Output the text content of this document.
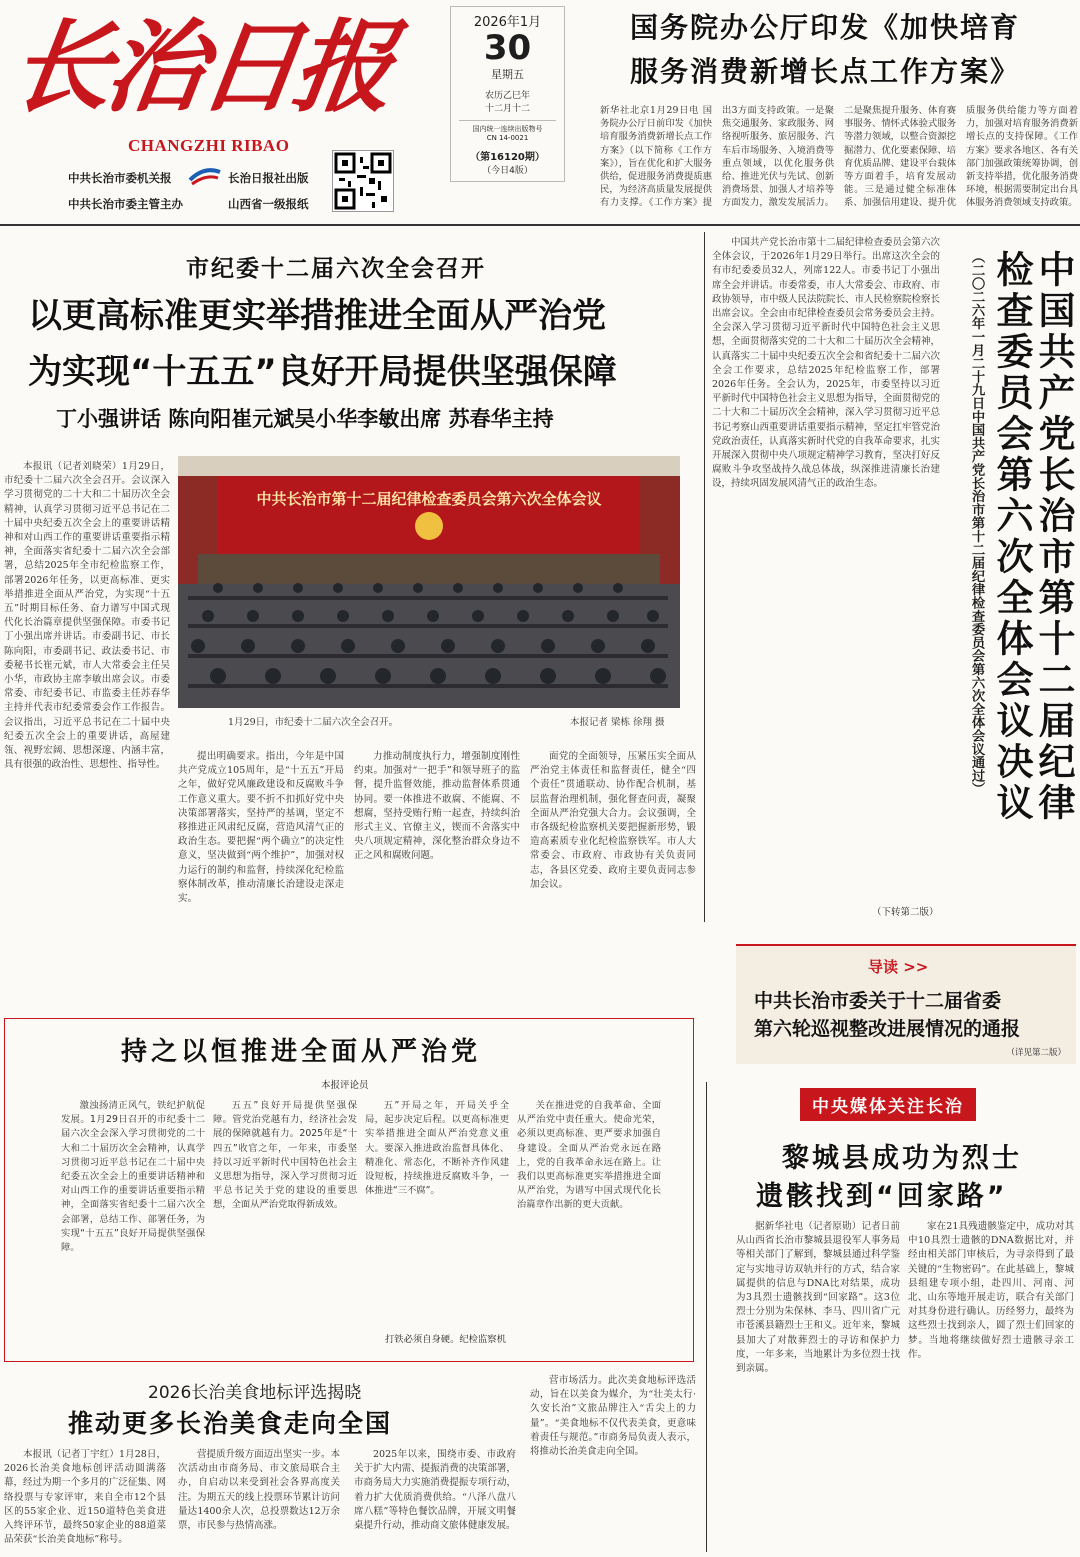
长治日报
CHANGZHI RIBAO
中共长治市委机关报	长治日报社出版
中共长治市委主管主办	山西省一级报纸
2026年1月
30
星期五
农历乙巳年
十二月十二
国内统一连续出版物号
CN 14-0021
（第16120期）
（今日4版）
国务院办公厅印发《加快培育
服务消费新增长点工作方案》
新华社北京1月29日电 国务院办公厅日前印发《加快培育服务消费新增长点工作方案》（以下简称《工作方案》），旨在优化和扩大服务供给，促进服务消费提质惠民，为经济高质量发展提供有力支撑。《工作方案》提出3方面支持政策。一是聚焦交通服务、家政服务、网络视听服务、旅居服务、汽车后市场服务、入境消费等重点领域，以优化服务供给、推进光伏与先试、创新消费场景、加强人才培养等方面发力，激发发展活力。二是聚焦提升服务、体育赛事服务、情怀式体验式服务等潜力领域，以整合资源挖掘潜力、优化要素保障、培育优质品牌、建设平台载体等方面着手，培育发展动能。三是通过健全标准体系、加强信用建设、提升优质服务供给能力等方面着力，加强对培育服务消费新增长点的支持保障。《工作方案》要求各地区、各有关部门加强政策统筹协调，创新支持举措，优化服务消费环境，根据需要制定出台具体服务消费领域支持政策。
市纪委十二届六次全会召开
以更高标准更实举措推进全面从严治党
为实现“十五五”良好开局提供坚强保障
丁小强讲话 陈向阳崔元斌吴小华李敏出席 苏春华主持
中共长治市第十二届纪律检查委员会第六次全体会议
1月29日，市纪委十二届六次全会召开。	本报记者 梁栋 徐翔 摄

本报讯（记者刘晓荣）1月29日，市纪委十二届六次全会召开。会议深入学习贯彻党的二十大和二十届历次全会精神，认真学习贯彻习近平总书记在二十届中央纪委五次全会上的重要讲话精神和对山西工作的重要讲话重要指示精神，全面落实省纪委十二届六次全会部署，总结2025年全市纪检监察工作，部署2026年任务，以更高标准、更实举措推进全面从严治党，为实现“十五五”时期目标任务、奋力谱写中国式现代化长治篇章提供坚强保障。市委书记丁小强出席并讲话。市委副书记、市长陈向阳，市委副书记、政法委书记、市委秘书长崔元斌，市人大常委会主任吴小华，市政协主席李敏出席会议。市委常委、市纪委书记、市监委主任苏春华主持并代表市纪委常委会作工作报告。会议指出，习近平总书记在二十届中央纪委五次全会上的重要讲话，高屋建瓴、视野宏阔、思想深邃、内涵丰富，具有很强的政治性、思想性、指导性。

提出明确要求。指出，今年是中国共产党成立105周年，是“十五五”开局之年，做好党风廉政建设和反腐败斗争工作意义重大。要不折不扣抓好党中央决策部署落实，坚持严的基调，坚定不移推进正风肃纪反腐，营造风清气正的政治生态。要把握“两个确立”的决定性意义，坚决做到“两个维护”，加强对权力运行的制约和监督，持续深化纪检监察体制改革，推动清廉长治建设走深走实。

力推动制度执行力，增强制度刚性约束。加强对“一把手”和领导班子的监督，提升监督效能，推动监督体系贯通协同。要一体推进不敢腐、不能腐、不想腐，坚持受贿行贿一起查，持续纠治形式主义、官僚主义，锲而不舍落实中央八项规定精神，深化整治群众身边不正之风和腐败问题。

面党的全面领导，压紧压实全面从严治党主体责任和监督责任，健全“四个责任”贯通联动、协作配合机制，基层监督治理机制，强化督查问责，凝聚全面从严治党强大合力。会议强调，全市各级纪检监察机关要把握新形势，锻造高素质专业化纪检监察铁军。市人大常委会、市政府、市政协有关负责同志，各县区党委、政府主要负责同志参加会议。

中国共产党长治市第十二届纪律检查委员会第六次全体会议，于2026年1月29日举行。出席这次全会的有市纪委委员32人，列席122人。市委书记丁小强出席全会并讲话。市委常委，市人大常委会、市政府、市政协领导，市中级人民法院院长、市人民检察院检察长出席会议。全会由市纪律检查委员会常务委员会主持。全会深入学习贯彻习近平新时代中国特色社会主义思想，全面贯彻落实党的二十大和二十届历次全会精神，认真落实二十届中央纪委五次全会和省纪委十二届六次全会工作要求，总结2025年纪检监察工作，部署2026年任务。全会认为，2025年，市委坚持以习近平新时代中国特色社会主义思想为指导，全面贯彻党的二十大和二十届历次全会精神，深入学习贯彻习近平总书记考察山西重要讲话重要指示精神，坚定扛牢管党治党政治责任，认真落实新时代党的自我革命要求，扎实开展深入贯彻中央八项规定精神学习教育，坚决打好反腐败斗争攻坚战持久战总体战，纵深推进清廉长治建设，持续巩固发展风清气正的政治生态。

（下转第二版）
中国共产党长治市第十二届纪律
检查委员会第六次全体会议决议
（二〇二六年一月二十九日中国共产党长治市第十二届纪律检查委员会第六次全体会议通过）
导读 >>
中共长治市委关于十二届省委
第六轮巡视整改进展情况的通报
（详见第二版）
持之以恒推进全面从严治党
本报评论员

激浊扬清正风气，铁纪护航促发展。1月29日召开的市纪委十二届六次全会深入学习贯彻党的二十大和二十届历次全会精神，认真学习贯彻习近平总书记在二十届中央纪委五次全会上的重要讲话精神和对山西工作的重要讲话重要指示精神，全面落实省纪委十二届六次全会部署，总结工作、部署任务，为实现“十五五”良好开局提供坚强保障。

五五”良好开局提供坚强保障。管党治党越有力，经济社会发展的保障就越有力。2025年是“十四五”收官之年，一年来，市委坚持以习近平新时代中国特色社会主义思想为指导，深入学习贯彻习近平总书记关于党的建设的重要思想，全面从严治党取得新成效。

五”开局之年，开局关乎全局，起步决定后程。以更高标准更实举措推进全面从严治党意义重大。要深入推进政治监督具体化、精准化、常态化，不断补齐作风建设短板，持续推进反腐败斗争，一体推进“三不腐”。

打铁必须自身硬。纪检监察机

关在推进党的自我革命、全面从严治党中责任重大。使命光荣，必须以更高标准、更严要求加强自身建设。全面从严治党永远在路上，党的自我革命永远在路上。让我们以更高标准更实举措推进全面从严治党，为谱写中国式现代化长治篇章作出新的更大贡献。

2026长治美食地标评选揭晓
推动更多长治美食走向全国

本报讯（记者丁宇红）1月28日，2026长治美食地标创评活动圆满落幕，经过为期一个多月的广泛征集、网络投票与专家评审，来自全市12个县区的55家企业、近150道特色美食进入终评环节，最终50家企业的88道菜品荣获“长治美食地标”称号。

营提质升级方面迈出坚实一步。本次活动由市商务局、市文旅局联合主办，自启动以来受到社会各界高度关注。为期五天的线上投票环节累计访问量达1400余人次，总投票数达12万余票，市民参与热情高涨。

2025年以来，围绕市委、市政府关于扩大内需、提振消费的决策部署，市商务局大力实施消费提振专项行动，着力扩大优质消费供给。“八泽八盘八席八糕”等特色餐饮品牌，开展文明餐桌提升行动，推动商文旅体健康发展。

营市场活力。此次美食地标评选活动，旨在以美食为媒介，为“壮美太行·久安长治”文旅品牌注入“舌尖上的力量”。“美食地标不仅代表美食，更意味着责任与规范。”市商务局负责人表示，将推动长治美食走向全国。

中央媒体关注长治
黎城县成功为烈士
遗骸找到“回家路”

据新华社电（记者原勋）记者日前从山西省长治市黎城县退役军人事务局等相关部门了解到，黎城县通过科学鉴定与实地寻访双轨并行的方式，结合家属提供的信息与DNA比对结果，成功为3具烈士遗骸找到“回家路”。这3位烈士分别为朱保林、李马、四川省广元市苍溪县籍烈士王和义。近年来，黎城县加大了对散葬烈士的寻访和保护力度，一年多来，当地累计为多位烈士找到亲属。

家在21具残遗骸鉴定中，成功对其中10具烈士遗骸的DNA数据比对，并经由相关部门审核后，为寻亲得到了最关键的“生物密码”。在此基础上，黎城县组建专项小组，赴四川、河南、河北、山东等地开展走访，联合有关部门对其身份进行确认。历经努力，最终为这些烈士找到亲人，圆了烈士们回家的梦。当地将继续做好烈士遗骸寻亲工作。
